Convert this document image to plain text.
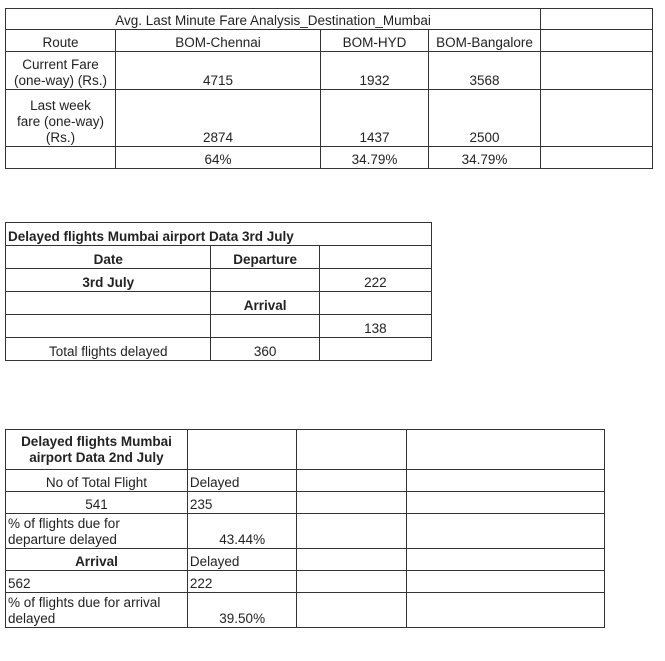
Avg. Last Minute Fare Analysis_Destination_Mumbai				
Route	BOM-Chennai	BOM-HYD	BOM-Bangalore	

Current Fare
(one-way) (Rs.)	4715	1932	3568	

Last week
fare (one-way)
(Rs.)	2874	1437	2500	
	64%	34.79%	34.79%	
Delayed flights Mumbai airport Data 3rd July		
Date	Departure	
3rd July		222
	Arrival	
		138
Total flights delayed	360	
Delayed flights Mumbai
airport Data 2nd July			

No of Total Flight	Delayed		
541	235		

% of flights due for
departure delayed	43.44%		
Arrival	Delayed		
562	222		

% of flights due for arrival
delayed	39.50%		
